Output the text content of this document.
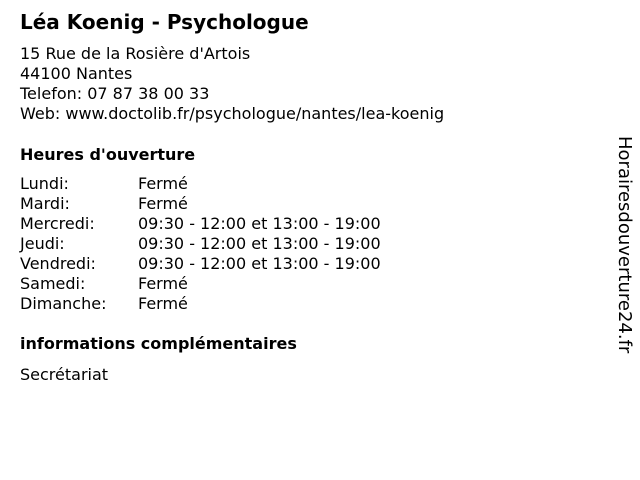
Léa Koenig - Psychologue
15 Rue de la Rosière d'Artois
44100 Nantes
Telefon: 07 87 38 00 33
Web: www.doctolib.fr/psychologue/nantes/lea-koenig
Heures d'ouverture
Lundi:	Fermé
Mardi:	Fermé
Mercredi:	09:30 - 12:00 et 13:00 - 19:00
Jeudi:	09:30 - 12:00 et 13:00 - 19:00
Vendredi:	09:30 - 12:00 et 13:00 - 19:00
Samedi:	Fermé
Dimanche: Fermé
informations complémentaires
Secrétariat
Horairesdouverture24.fr
